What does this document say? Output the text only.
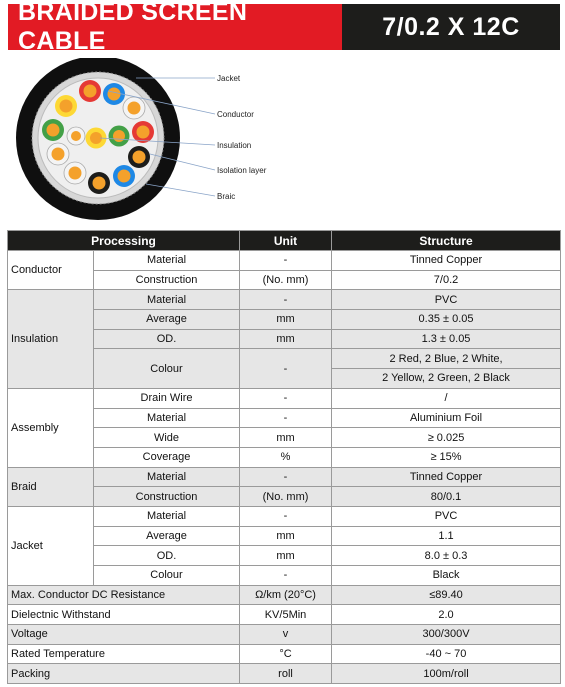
BRAIDED SCREEN CABLE
7/0.2 X 12C
Jacket
Conductor
Insulation
Isolation layer
Braic
Processing		Unit	Structure
Conductor	Material	-	Tinned Copper
	Construction	(No. mm)	7/0.2
Insulation	Material	-	PVC
	Average	mm	0.35 ± 0.05
	OD.	mm	1.3 ± 0.05
	Colour	-	2 Red, 2 Blue, 2 White,
			2 Yellow, 2 Green, 2 Black
Assembly	Drain Wire	-	/
	Material	-	Aluminium Foil
	Wide	mm	≥ 0.025
	Coverage	%	≥ 15%
Braid	Material	-	Tinned Copper
	Construction	(No. mm)	80/0.1
Jacket	Material	-	PVC
	Average	mm	1.1
	OD.	mm	8.0 ± 0.3
	Colour	-	Black
Max. Conductor DC Resistance		Ω/km (20°C)	≤89.40
Dielectnic Withstand		KV/5Min	2.0
Voltage		v	300/300V
Rated Temperature		°C	-40 ~ 70
Packing		roll	100m/roll
